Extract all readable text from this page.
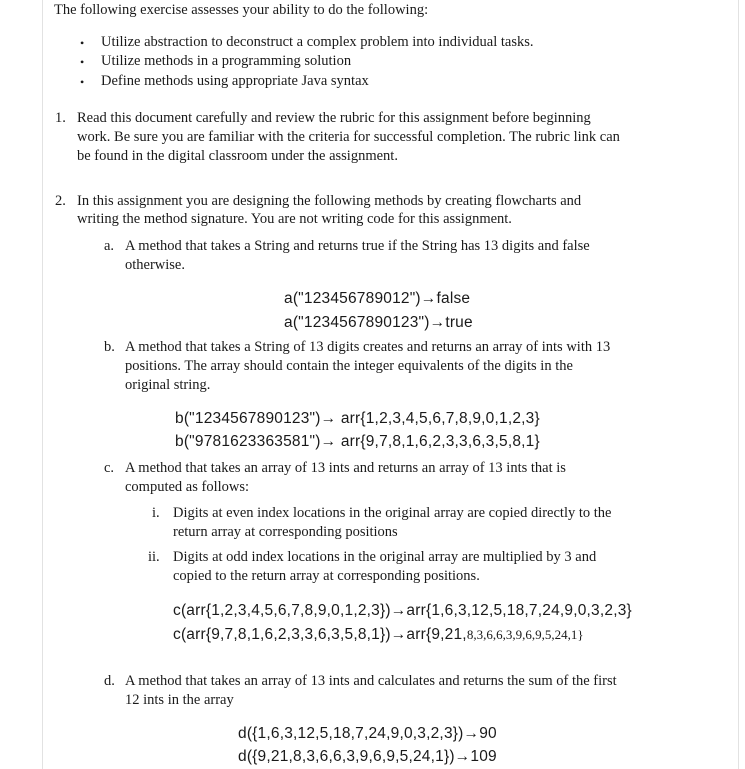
The following exercise assesses your ability to do the following:
• Utilize abstraction to deconstruct a complex problem into individual tasks.
• Utilize methods in a programming solution
• Define methods using appropriate Java syntax
1. Read this document carefully and review the rubric for this assignment before beginning
work. Be sure you are familiar with the criteria for successful completion. The rubric link can
be found in the digital classroom under the assignment.
2. In this assignment you are designing the following methods by creating flowcharts and
writing the method signature. You are not writing code for this assignment.
a. A method that takes a String and returns true if the String has 13 digits and false
otherwise.
a("123456789012")→false
a("1234567890123")→true
b. A method that takes a String of 13 digits creates and returns an array of ints with 13
positions. The array should contain the integer equivalents of the digits in the
original string.
b("1234567890123")→ arr{1,2,3,4,5,6,7,8,9,0,1,2,3}
b("9781623363581")→ arr{9,7,8,1,6,2,3,3,6,3,5,8,1}
c. A method that takes an array of 13 ints and returns an array of 13 ints that is
computed as follows:
i. Digits at even index locations in the original array are copied directly to the
return array at corresponding positions
ii. Digits at odd index locations in the original array are multiplied by 3 and
copied to the return array at corresponding positions.
c(arr{1,2,3,4,5,6,7,8,9,0,1,2,3})→arr{1,6,3,12,5,18,7,24,9,0,3,2,3}
c(arr{9,7,8,1,6,2,3,3,6,3,5,8,1})→arr{9,21,8,3,6,6,3,9,6,9,5,24,1}
d. A method that takes an array of 13 ints and calculates and returns the sum of the first
12 ints in the array
d({1,6,3,12,5,18,7,24,9,0,3,2,3})→90
d({9,21,8,3,6,6,3,9,6,9,5,24,1})→109
